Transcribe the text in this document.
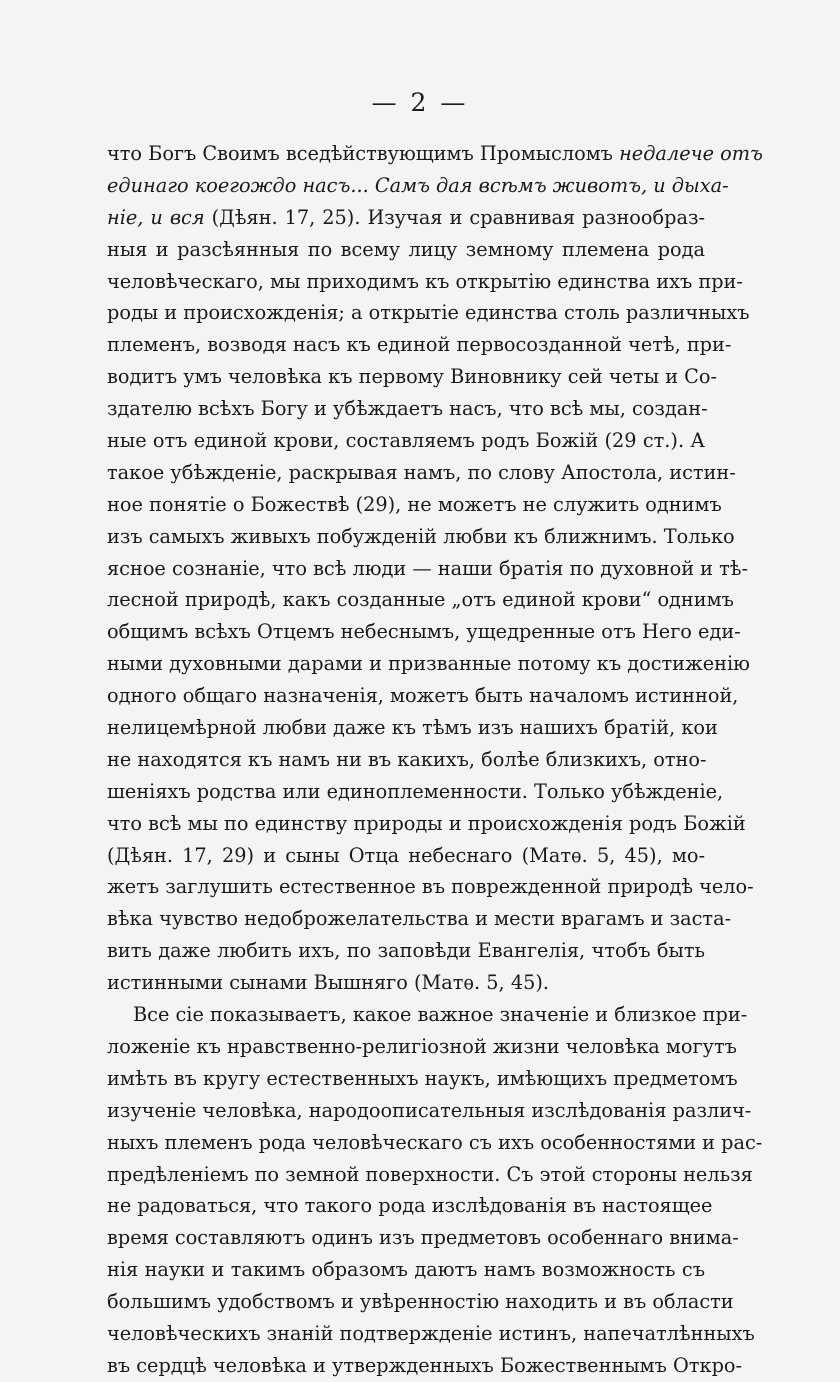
— 2 —
что Богъ Своимъ вседѣйствующимъ Промысломъ недалече отъ
единаго коегождо насъ... Самъ дая всѣмъ животъ, и дыха-
нiе, и вся (Дѣян. 17, 25). Изучая и сравнивая разнообраз-
ныя и разсѣянныя по всему лицу земному племена рода
человѣческаго, мы приходимъ къ открытiю единства ихъ при-
роды и происхожденiя; а открытiе единства столь различныхъ
племенъ, возводя насъ къ единой первосозданной четѣ, при-
водитъ умъ человѣка къ первому Виновнику сей четы и Со-
здателю всѣхъ Богу и убѣждаетъ насъ, что всѣ мы, создан-
ные отъ единой крови, составляемъ родъ Божiй (29 ст.). А
такое убѣжденiе, раскрывая намъ, по слову Апостола, истин-
ное понятiе о Божествѣ (29), не можетъ не служить однимъ
изъ самыхъ живыхъ побужденiй любви къ ближнимъ. Только
ясное сознанiе, что всѣ люди — наши братiя по духовной и тѣ-
лесной природѣ, какъ созданные „отъ единой крови“ однимъ
общимъ всѣхъ Отцемъ небеснымъ, ущедренные отъ Него еди-
ными духовными дарами и призванные потому къ достиженiю
одного общаго назначенiя, можетъ быть началомъ истинной,
нелицемѣрной любви даже къ тѣмъ изъ нашихъ братiй, кои
не находятся къ намъ ни въ какихъ, болѣе близкихъ, отно-
шенiяхъ родства или единоплеменности. Только убѣжденiе,
что всѣ мы по единству природы и происхожденiя родъ Божiй
(Дѣян. 17, 29) и сыны Отца небеснаго (Матѳ. 5, 45), мо-
жетъ заглушить естественное въ поврежденной природѣ чело-
вѣка чувство недоброжелательства и мести врагамъ и застa-
вить даже любить ихъ, по заповѣди Евангелiя, чтобъ быть
истинными сынами Вышняго (Матѳ. 5, 45).
Все сiе показываетъ, какое важное значенiе и близкое при-
ложенiе къ нравственно-религiозной жизни человѣка могутъ
имѣть въ кругу естественныхъ наукъ, имѣющихъ предметомъ
изученiе человѣка, народоописательныя изслѣдованiя различ-
ныхъ племенъ рода человѣческаго съ ихъ особенностями и рас-
предѣленiемъ по земной поверхности. Съ этой стороны нельзя
не радоваться, что такого рода изслѣдованiя въ настоящее
время составляютъ одинъ изъ предметовъ особеннаго внима-
нiя науки и такимъ образомъ даютъ намъ возможность съ
большимъ удобствомъ и увѣренностiю находить и въ области
человѣческихъ знанiй подтвержденiе истинъ, напечатлѣнныхъ
въ сердцѣ человѣка и утвержденныхъ Божественнымъ Откро-
